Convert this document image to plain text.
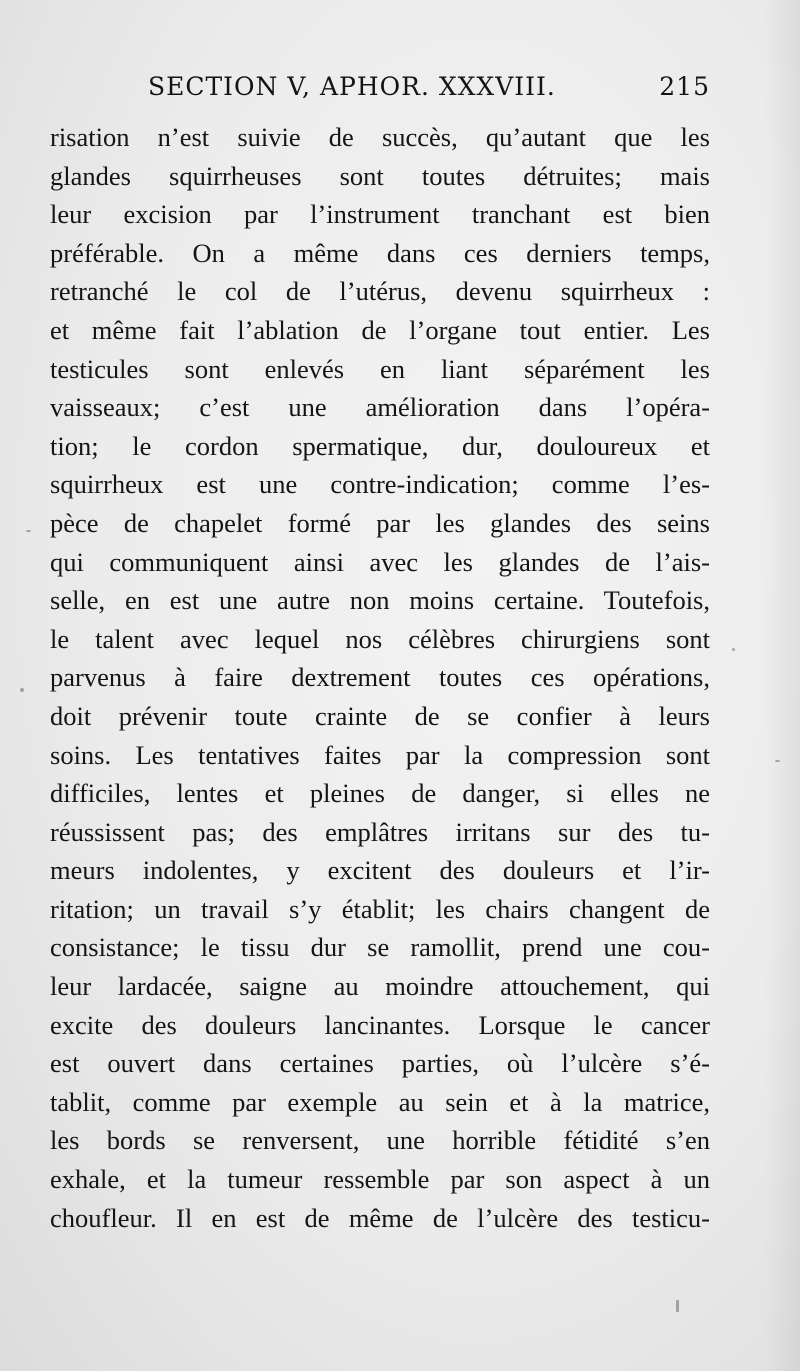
SECTION V, APHOR. XXXVIII.	215
risation n’est suivie de succès, qu’autant que les
glandes squirrheuses sont toutes détruites; mais
leur excision par l’instrument tranchant est bien
préférable. On a même dans ces derniers temps,
retranché le col de l’utérus, devenu squirrheux :
et même fait l’ablation de l’organe tout entier. Les
testicules sont enlevés en liant séparément les
vaisseaux; c’est une amélioration dans l’opéra-
tion; le cordon spermatique, dur, douloureux et
squirrheux est une contre-indication; comme l’es-
pèce de chapelet formé par les glandes des seins
qui communiquent ainsi avec les glandes de l’ais-
selle, en est une autre non moins certaine. Toutefois,
le talent avec lequel nos célèbres chirurgiens sont
parvenus à faire dextrement toutes ces opérations,
doit prévenir toute crainte de se confier à leurs
soins. Les tentatives faites par la compression sont
difficiles, lentes et pleines de danger, si elles ne
réussissent pas; des emplâtres irritans sur des tu-
meurs indolentes, y excitent des douleurs et l’ir-
ritation; un travail s’y établit; les chairs changent de
consistance; le tissu dur se ramollit, prend une cou-
leur lardacée, saigne au moindre attouchement, qui
excite des douleurs lancinantes. Lorsque le cancer
est ouvert dans certaines parties, où l’ulcère s’é-
tablit, comme par exemple au sein et à la matrice,
les bords se renversent, une horrible fétidité s’en
exhale, et la tumeur ressemble par son aspect à un
choufleur. Il en est de même de l’ulcère des testicu-
